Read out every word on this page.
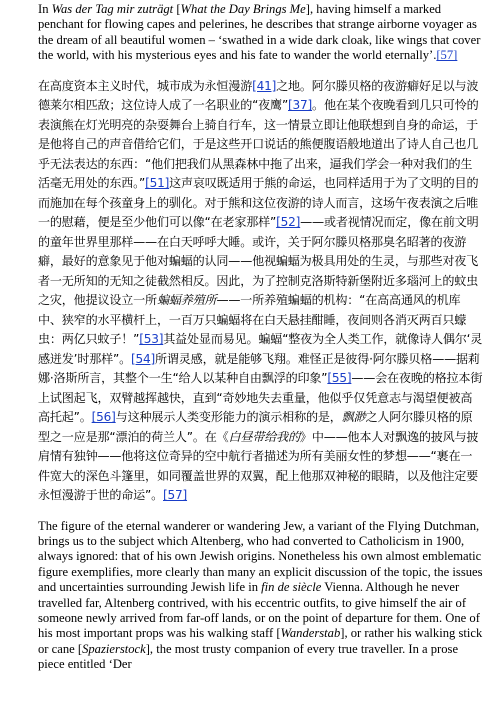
In Was der Tag mir zuträgt [What the Day Brings Me], having himself a marked penchant for flowing capes and pelerines, he describes that strange airborne voyager as the dream of all beautiful women – ‘swathed in a wide dark cloak, like wings that cover the world, with his mysterious eyes and his fate to wander the world eternally’.[57]

在高度资本主义时代，城市成为永恒漫游[41]之地。阿尔滕贝格的夜游癖好足以与波德莱尔相匹敌；这位诗人成了一名职业的“夜鹰”[37]。他在某个夜晚看到几只可怜的表演熊在灯光明亮的杂耍舞台上骑自行车，这一情景立即让他联想到自身的命运，于是他将自己的声音借给它们，于是这些开口说话的熊便腹语般地道出了诗人自己也几乎无法表达的东西：“他们把我们从黑森林中拖了出来，逼我们学会一种对我们的生活毫无用处的东西。”[51]这声哀叹既适用于熊的命运，也同样适用于为了文明的目的而施加在每个孩童身上的驯化。对于熊和这位夜游的诗人而言，这场午夜表演之后唯一的慰藉，便是至少他们可以像“在老家那样”[52]——或者视情况而定，像在前文明的童年世界里那样——在白天呼呼大睡。或许，关于阿尔滕贝格那臭名昭著的夜游癖，最好的意象见于他对蝙蝠的认同——他视蝙蝠为极具用处的生灵，与那些对夜飞者一无所知的无知之徒截然相反。因此，为了控制克洛斯特新堡附近多瑙河上的蚊虫之灾，他提议设立一所蝙蝠养殖所——一所养殖蝙蝠的机构：“在高高通风的机库中、狭窄的水平横杆上，一百万只蝙蝠将在白天悬挂酣睡，夜间则各消灭两百只蠓虫：两亿只蚊子！”[53]其益处显而易见。蝙蝠“整夜为全人类工作，就像诗人偶尔‘灵感迸发’时那样”。[54]所谓灵感，就是能够飞翔。难怪正是彼得·阿尔滕贝格——据莉娜·洛斯所言，其整个一生“给人以某种自由飘浮的印象”[55]——会在夜晚的格拉本街上试图起飞，双臂越挥越快，直到“奇妙地失去重量，他似乎仅凭意志与渴望便被高高托起”。[56]与这种展示人类变形能力的演示相称的是，飘渺之人阿尔滕贝格的原型之一应是那“漂泊的荷兰人”。在《白昼带给我的》中——他本人对飘逸的披风与披肩情有独钟——他将这位奇异的空中航行者描述为所有美丽女性的梦想——“裹在一件宽大的深色斗篷里，如同覆盖世界的双翼，配上他那双神秘的眼睛，以及他注定要永恒漫游于世的命运”。[57]

The figure of the eternal wanderer or wandering Jew, a variant of the Flying Dutchman, brings us to the subject which Altenberg, who had converted to Catholicism in 1900, always ignored: that of his own Jewish origins. Nonetheless his own almost emblematic figure exemplifies, more clearly than many an explicit discussion of the topic, the issues and uncertainties surrounding Jewish life in fin de siècle Vienna. Although he never travelled far, Altenberg contrived, with his eccentric outfits, to give himself the air of someone newly arrived from far-off lands, or on the point of departure for them. One of his most important props was his walking staff [Wanderstab], or rather his walking stick or cane [Spazierstock], the most trusty companion of every true traveller. In a prose piece entitled ‘Der
